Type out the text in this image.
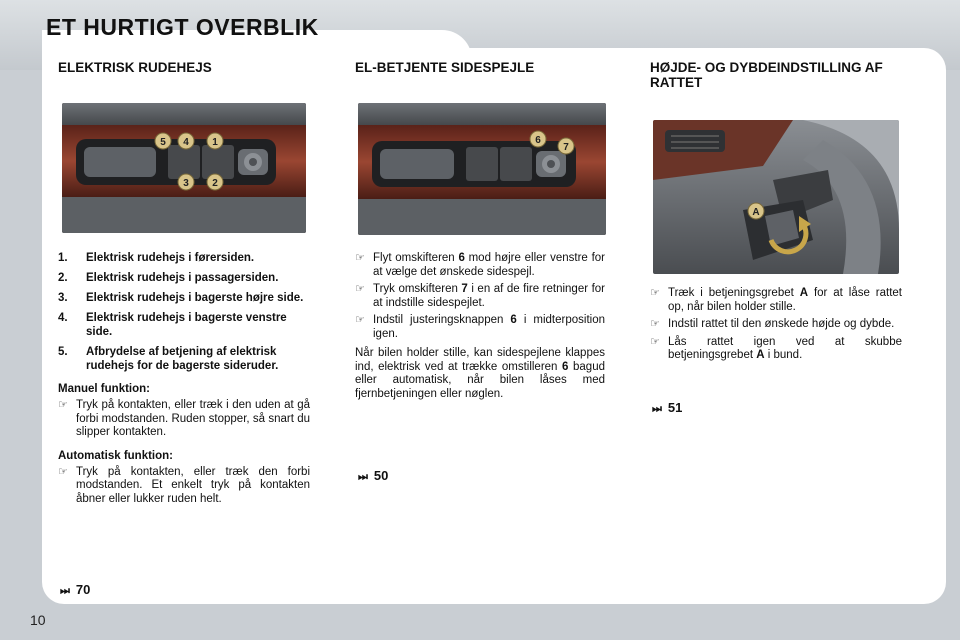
ET HURTIGT OVERBLIK
10
ELEKTRISK RUDEHEJS
5 4 1
3 2
1. Elektrisk rudehejs i førersiden.
2. Elektrisk rudehejs i passagersiden.
3. Elektrisk rudehejs i bagerste højre side.
4. Elektrisk rudehejs i bagerste venstre side.
5. Afbrydelse af betjening af elektrisk rudehejs for de bagerste sideruder.
Manuel funktion:
☞ Tryk på kontakten, eller træk i den uden at gå forbi modstanden. Ruden stopper, så snart du slipper kontakten.
Automatisk funktion:
☞ Tryk på kontakten, eller træk den forbi modstanden. Et enkelt tryk på kontakten åbner eller lukker ruden helt.
⏭ 70
EL-BETJENTE SIDESPEJLE
6
7
☞ Flyt omskifteren 6 mod højre eller venstre for at vælge det ønskede sidespejl.
☞ Tryk omskifteren 7 i en af de fire retninger for at indstille sidespejlet.
☞ Indstil justeringsknappen 6 i midterposition igen.
Når bilen holder stille, kan sidespejlene klappes ind, elektrisk ved at trække omstilleren 6 bagud eller automatisk, når bilen låses med fjernbetjeningen eller nøglen.
⏭ 50
HØJDE- OG DYBDEINDSTILLING AF RATTET
A
☞ Træk i betjeningsgrebet A for at låse rattet op, når bilen holder stille.
☞ Indstil rattet til den ønskede højde og dybde.
☞ Lås rattet igen ved at skubbe betjeningsgrebet A i bund.
⏭ 51
